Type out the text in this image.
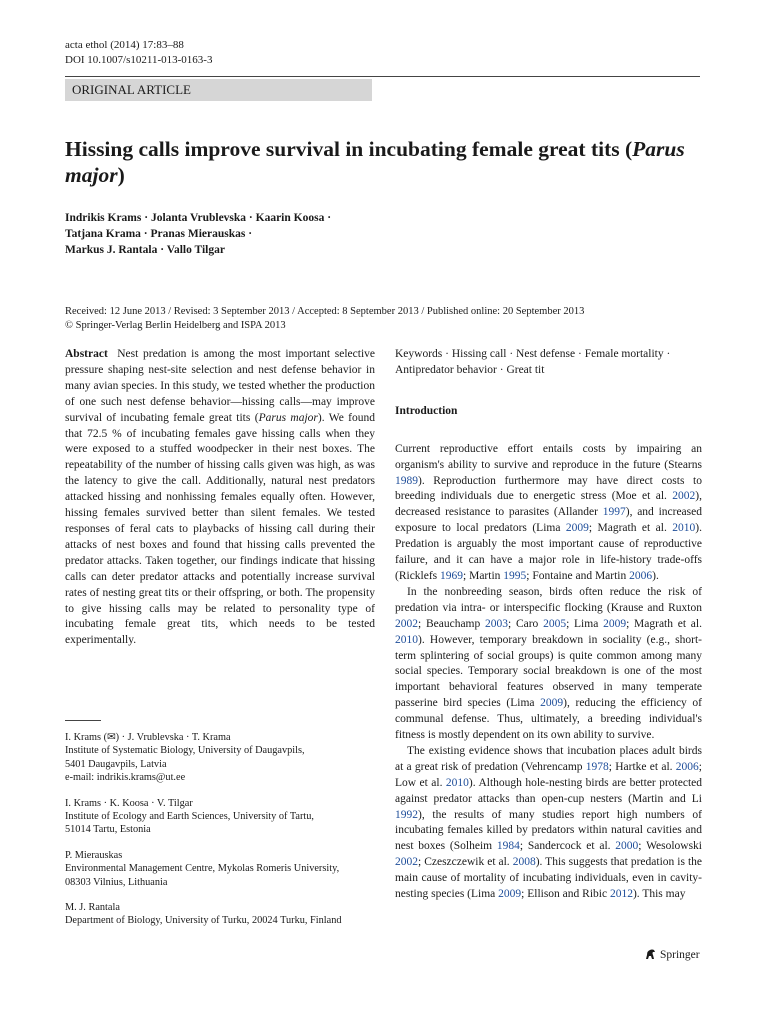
acta ethol (2014) 17:83–88
DOI 10.1007/s10211-013-0163-3
ORIGINAL ARTICLE
Hissing calls improve survival in incubating female great tits (Parus major)
Indrikis Krams · Jolanta Vrublevska · Kaarin Koosa ·
Tatjana Krama · Pranas Mierauskas ·
Markus J. Rantala · Vallo Tilgar
Received: 12 June 2013 / Revised: 3 September 2013 / Accepted: 8 September 2013 / Published online: 20 September 2013
© Springer-Verlag Berlin Heidelberg and ISPA 2013

Abstract Nest predation is among the most important selective pressure shaping nest-site selection and nest defense behavior in many avian species. In this study, we tested whether the production of one such nest defense behavior—hissing calls—may improve survival of incubating female great tits (Parus major). We found that 72.5 % of incubating females gave hissing calls when they were exposed to a stuffed woodpecker in their nest boxes. The repeatability of the number of hissing calls given was high, as was the latency to give the call. Additionally, natural nest predators attacked hissing and nonhissing females equally often. However, hissing females survived better than silent females. We tested responses of feral cats to playbacks of hissing call during their attacks of nest boxes and found that hissing calls prevented the predator attacks. Taken together, our findings indicate that hissing calls can deter predator attacks and potentially increase survival rates of nesting great tits or their offspring, or both. The propensity to give hissing calls may be related to personality type of incubating female great tits, which needs to be tested experimentally.

I. Krams (✉) · J. Vrublevska · T. Krama
Institute of Systematic Biology, University of Daugavpils,
5401 Daugavpils, Latvia
e-mail: indrikis.krams@ut.ee
I. Krams · K. Koosa · V. Tilgar
Institute of Ecology and Earth Sciences, University of Tartu,
51014 Tartu, Estonia
P. Mierauskas
Environmental Management Centre, Mykolas Romeris University,
08303 Vilnius, Lithuania
M. J. Rantala
Department of Biology, University of Turku, 20024 Turku, Finland

Keywords · Hissing call · Nest defense · Female mortality · Antipredator behavior · Great tit

Introduction

Current reproductive effort entails costs by impairing an organism's ability to survive and reproduce in the future (Stearns 1989). Reproduction furthermore may have direct costs to breeding individuals due to energetic stress (Moe et al. 2002), decreased resistance to parasites (Allander 1997), and increased exposure to local predators (Lima 2009; Magrath et al. 2010). Predation is arguably the most important cause of reproductive failure, and it can have a major role in life-history trade-offs (Ricklefs 1969; Martin 1995; Fontaine and Martin 2006).

In the nonbreeding season, birds often reduce the risk of predation via intra- or interspecific flocking (Krause and Ruxton 2002; Beauchamp 2003; Caro 2005; Lima 2009; Magrath et al. 2010). However, temporary breakdown in sociality (e.g., short-term splintering of social groups) is quite common among many social species. Temporary social breakdown is one of the most important behavioral features observed in many temperate passerine bird species (Lima 2009), reducing the efficiency of communal defense. Thus, ultimately, a breeding individual's fitness is mostly dependent on its own ability to survive.

The existing evidence shows that incubation places adult birds at a great risk of predation (Vehrencamp 1978; Hartke et al. 2006; Low et al. 2010). Although hole-nesting birds are better protected against predator attacks than open-cup nesters (Martin and Li 1992), the results of many studies report high numbers of incubating females killed by predators within natural cavities and nest boxes (Solheim 1984; Sandercock et al. 2000; Wesolowski 2002; Czeszczewik et al. 2008). This suggests that predation is the main cause of mortality of incubating individuals, even in cavity-nesting species (Lima 2009; Ellison and Ribic 2012). This may

Springer
